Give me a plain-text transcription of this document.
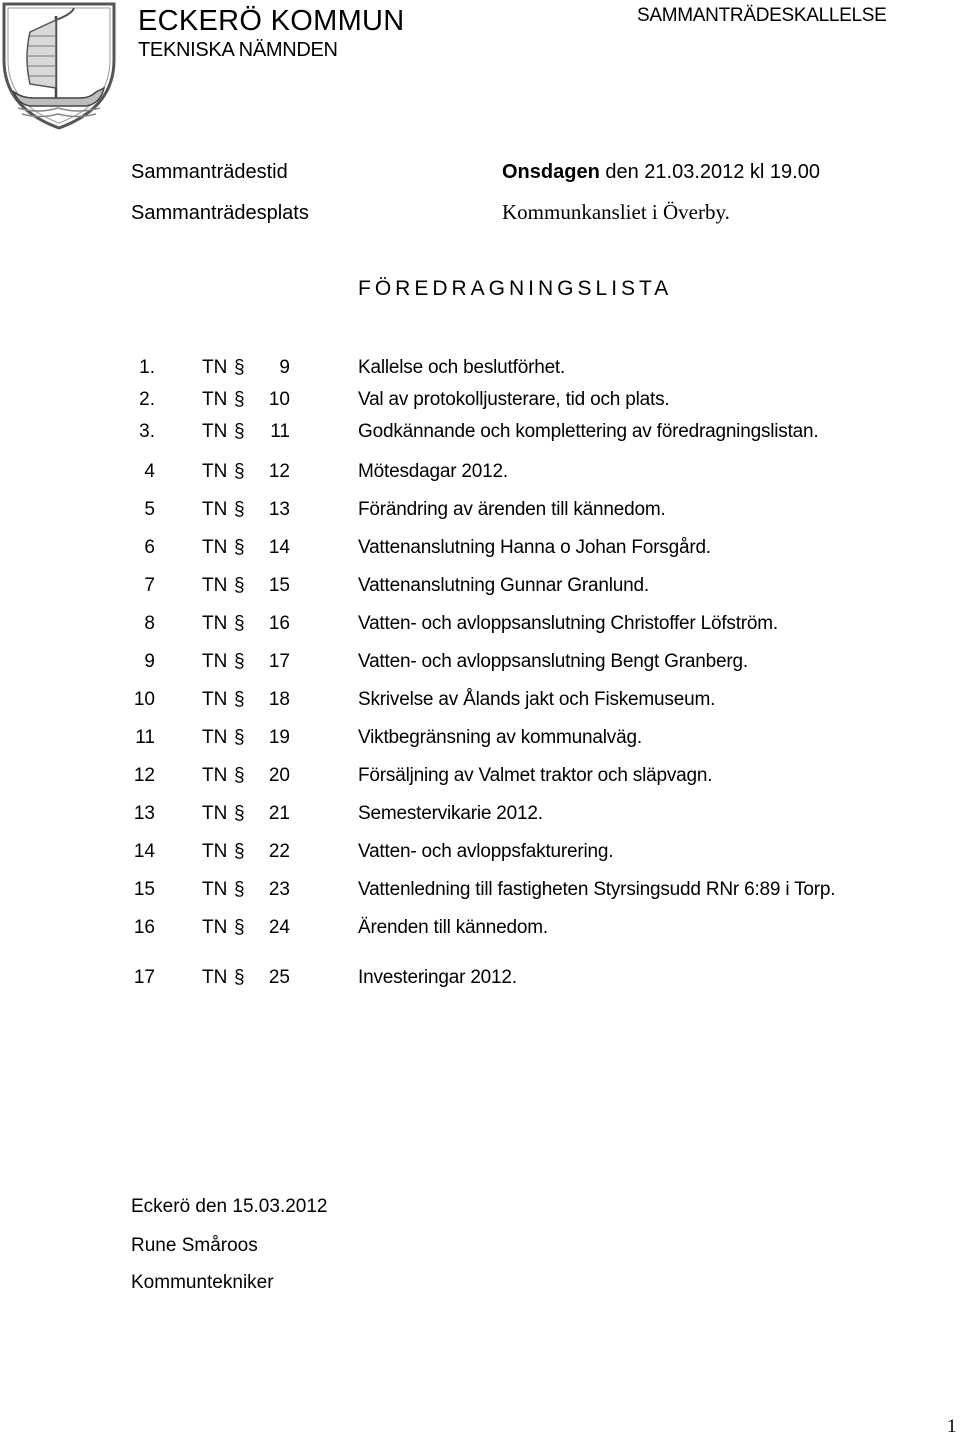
ECKERÖ KOMMUN
TEKNISKA NÄMNDEN
SAMMANTRÄDESKALLELSE
Sammanträdestid	Onsdagen den 21.03.2012 kl 19.00
Sammanträdesplats	Kommunkansliet i Överby.
FÖREDRAGNINGSLISTA
1. TN §	9	Kallelse och beslutförhet.
2. TN §	10	Val av protokolljusterare, tid och plats.
3. TN §	11	Godkännande och komplettering av föredragningslistan.
4 TN §	12	Mötesdagar 2012.
5 TN §	13	Förändring av ärenden till kännedom.
6 TN §	14	Vattenanslutning Hanna o Johan Forsgård.
7 TN §	15	Vattenanslutning Gunnar Granlund.
8 TN §	16	Vatten- och avloppsanslutning Christoffer Löfström.
9 TN §	17	Vatten- och avloppsanslutning Bengt Granberg.
10 TN §	18	Skrivelse av Ålands jakt och Fiskemuseum.
11 TN §	19	Viktbegränsning av kommunalväg.
12 TN §	20	Försäljning av Valmet traktor och släpvagn.
13 TN §	21	Semestervikarie 2012.
14 TN §	22	Vatten- och avloppsfakturering.
15 TN §	23	Vattenledning till fastigheten Styrsingsudd RNr 6:89 i Torp.
16 TN §	24	Ärenden till kännedom.
17 TN §	25	Investeringar 2012.
Eckerö den 15.03.2012
Rune Småroos
Kommuntekniker
1
